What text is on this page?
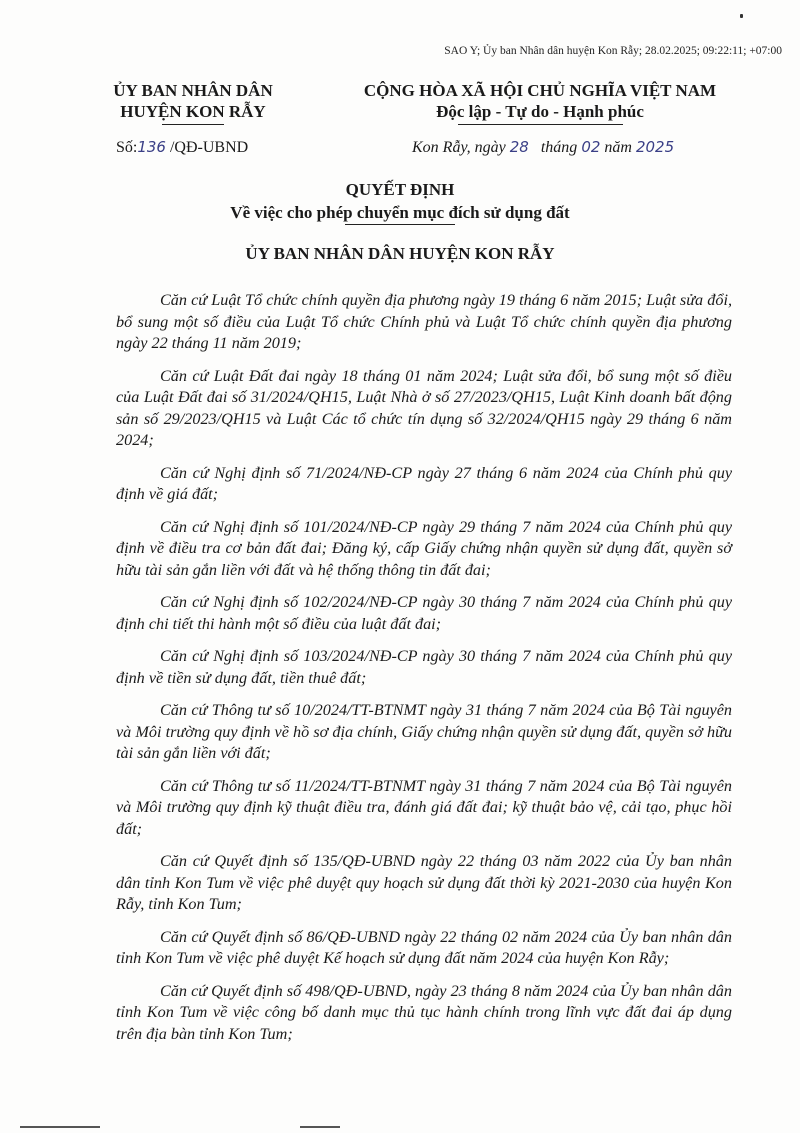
SAO Y; Ủy ban Nhân dân huyện Kon Rẫy; 28.02.2025; 09:22:11; +07:00
ỦY BAN NHÂN DÂN
HUYỆN KON RẪY
CỘNG HÒA XÃ HỘI CHỦ NGHĨA VIỆT NAM
Độc lập - Tự do - Hạnh phúc
Số:136 /QĐ-UBND	Kon Rẫy, ngày 28 tháng 02 năm 2025
QUYẾT ĐỊNH
Về việc cho phép chuyển mục đích sử dụng đất
ỦY BAN NHÂN DÂN HUYỆN KON RẪY

Căn cứ Luật Tổ chức chính quyền địa phương ngày 19 tháng 6 năm 2015; Luật sửa đổi, bổ sung một số điều của Luật Tổ chức Chính phủ và Luật Tổ chức chính quyền địa phương ngày 22 tháng 11 năm 2019;

Căn cứ Luật Đất đai ngày 18 tháng 01 năm 2024; Luật sửa đổi, bổ sung một số điều của Luật Đất đai số 31/2024/QH15, Luật Nhà ở số 27/2023/QH15, Luật Kinh doanh bất động sản số 29/2023/QH15 và Luật Các tổ chức tín dụng số 32/2024/QH15 ngày 29 tháng 6 năm 2024;

Căn cứ Nghị định số 71/2024/NĐ-CP ngày 27 tháng 6 năm 2024 của Chính phủ quy định về giá đất;

Căn cứ Nghị định số 101/2024/NĐ-CP ngày 29 tháng 7 năm 2024 của Chính phủ quy định về điều tra cơ bản đất đai; Đăng ký, cấp Giấy chứng nhận quyền sử dụng đất, quyền sở hữu tài sản gắn liền với đất và hệ thống thông tin đất đai;

Căn cứ Nghị định số 102/2024/NĐ-CP ngày 30 tháng 7 năm 2024 của Chính phủ quy định chi tiết thi hành một số điều của luật đất đai;

Căn cứ Nghị định số 103/2024/NĐ-CP ngày 30 tháng 7 năm 2024 của Chính phủ quy định về tiền sử dụng đất, tiền thuê đất;

Căn cứ Thông tư số 10/2024/TT-BTNMT ngày 31 tháng 7 năm 2024 của Bộ Tài nguyên và Môi trường quy định về hồ sơ địa chính, Giấy chứng nhận quyền sử dụng đất, quyền sở hữu tài sản gắn liền với đất;

Căn cứ Thông tư số 11/2024/TT-BTNMT ngày 31 tháng 7 năm 2024 của Bộ Tài nguyên và Môi trường quy định kỹ thuật điều tra, đánh giá đất đai; kỹ thuật bảo vệ, cải tạo, phục hồi đất;

Căn cứ Quyết định số 135/QĐ-UBND ngày 22 tháng 03 năm 2022 của Ủy ban nhân dân tỉnh Kon Tum về việc phê duyệt quy hoạch sử dụng đất thời kỳ 2021-2030 của huyện Kon Rẫy, tỉnh Kon Tum;

Căn cứ Quyết định số 86/QĐ-UBND ngày 22 tháng 02 năm 2024 của Ủy ban nhân dân tỉnh Kon Tum về việc phê duyệt Kế hoạch sử dụng đất năm 2024 của huyện Kon Rẫy;

Căn cứ Quyết định số 498/QĐ-UBND, ngày 23 tháng 8 năm 2024 của Ủy ban nhân dân tỉnh Kon Tum về việc công bố danh mục thủ tục hành chính trong lĩnh vực đất đai áp dụng trên địa bàn tỉnh Kon Tum;
